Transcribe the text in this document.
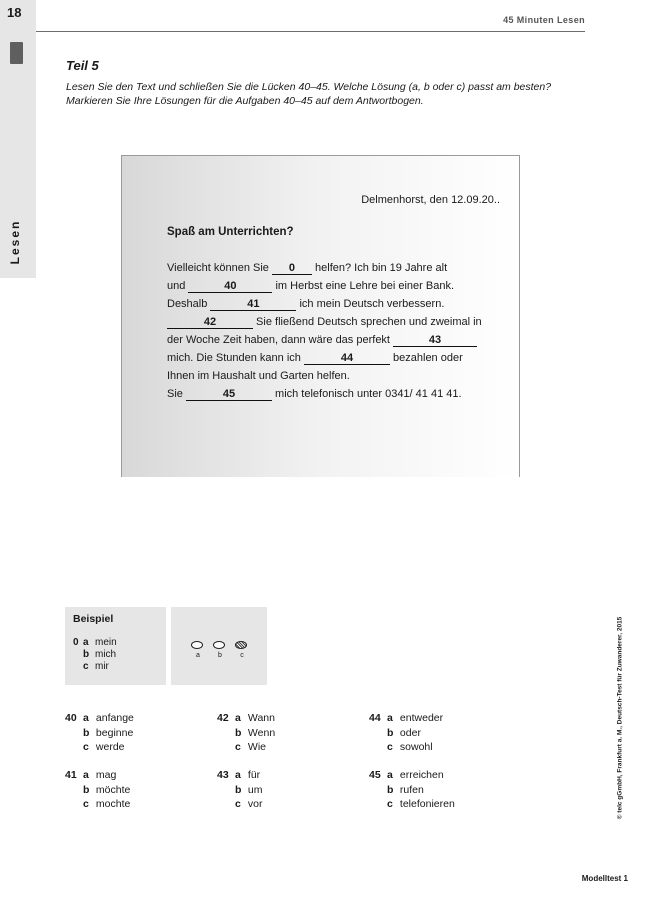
18
Lesen
45 Minuten Lesen
Teil 5
Lesen Sie den Text und schließen Sie die Lücken 40–45. Welche Lösung (a, b oder c) passt am besten?
Markieren Sie Ihre Lösungen für die Aufgaben 40–45 auf dem Antwortbogen.
Delmenhorst, den 12.09.20..
Spaß am Unterrichten?
Vielleicht können Sie 0 helfen? Ich bin 19 Jahre alt
und	40	im Herbst eine Lehre bei einer Bank.
Deshalb	41	ich mein Deutsch verbessern.
42	Sie fließend Deutsch sprechen und zweimal in
der Woche Zeit haben, dann wäre das perfekt	43
mich. Die Stunden kann ich	44	bezahlen oder
Ihnen im Haushalt und Garten helfen.
Sie	45	mich telefonisch unter 0341/ 41 41 41.
Beispiel
0 a mein
b mich
c mir
a	b	c
40 a anfange
b beginne
c werde
41 a mag
b möchte
c mochte
42 a Wann
b Wenn
c Wie
43 a für
b um
c vor
44 a entweder
b oder
c sowohl
45 a erreichen
b rufen
c telefonieren	© telc gGmbH, Frankfurt a. M., Deutsch-Test für Zuwanderer, 2015
Modelltest 1
